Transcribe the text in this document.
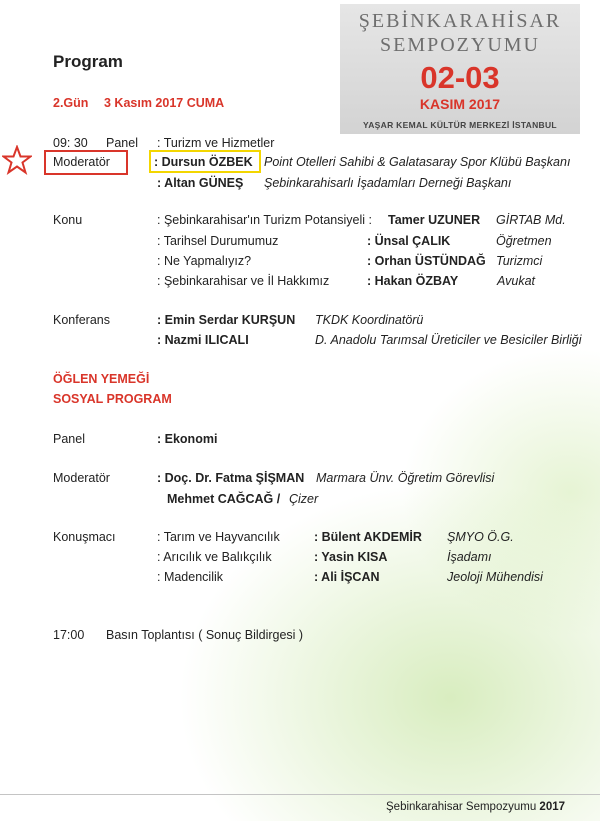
ŞEBİNKARAHİSAR
SEMPOZYUMU
02-03
KASIM 2017
YAŞAR KEMAL KÜLTÜR MERKEZİ İSTANBUL
Program
2.Gün 3 Kasım 2017 CUMA
09: 30 Panel : Turizm ve Hizmetler
Moderatör	: Dursun ÖZBEK Point Otelleri Sahibi & Galatasaray Spor Klübü Başkanı
: Altan GÜNEŞ Şebinkarahisarlı İşadamları Derneği Başkanı
Konu	: Şebinkarahisar'ın Turizm Potansiyeli : Tamer UZUNER GİRTAB Md.
: Tarihsel Durumumuz	: Ünsal ÇALIK	Öğretmen
: Ne Yapmalıyız?	: Orhan ÜSTÜNDAĞ Turizmci
: Şebinkarahisar ve İl Hakkımız	: Hakan ÖZBAY	Avukat
Konferans	: Emin Serdar KURŞUN TKDK Koordinatörü
: Nazmi ILICALI	D. Anadolu Tarımsal Üreticiler ve Besiciler Birliği
ÖĞLEN YEMEĞİ
SOSYAL PROGRAM
Panel	: Ekonomi
Moderatör	: Doç. Dr. Fatma ŞİŞMAN Marmara Ünv. Öğretim Görevlisi
Mehmet CAĞCAĞ / Çizer
Konuşmacı	: Tarım ve Hayvancılık	: Bülent AKDEMİR ŞMYO Ö.G.
: Arıcılık ve Balıkçılık	: Yasin KISA	İşadamı
: Madencilik	: Ali İŞCAN	Jeoloji Mühendisi
17:00 Basın Toplantısı ( Sonuç Bildirgesi )
Şebinkarahisar Sempozyumu 2017
